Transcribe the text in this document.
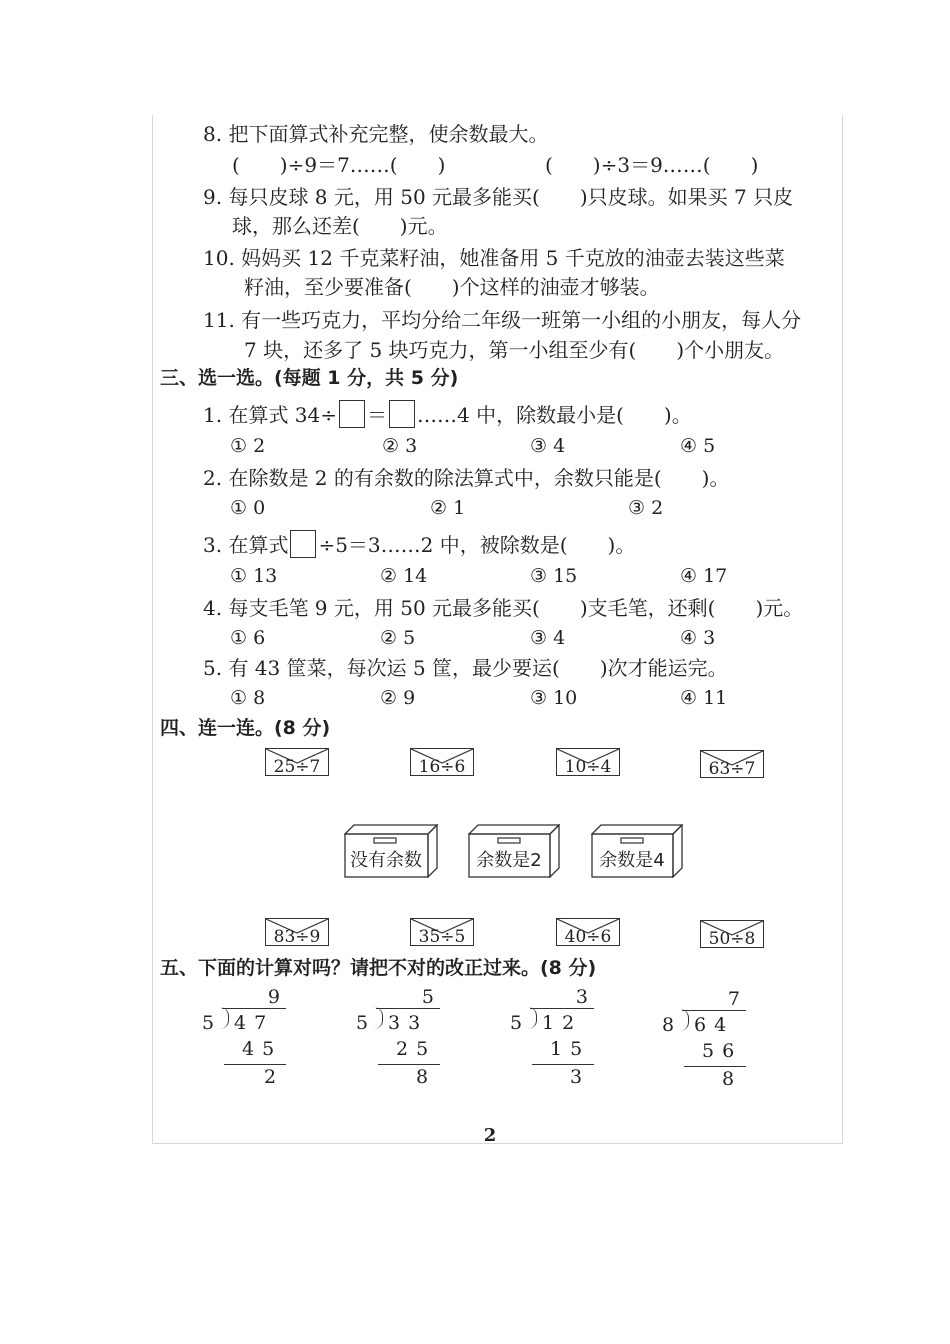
8. 把下面算式补充完整，使余数最大。
(　　)÷9＝7……(　　)	(　　)÷3＝9……(　　)
9. 每只皮球 8 元，用 50 元最多能买(　　)只皮球。如果买 7 只皮
球，那么还差(　　)元。
10. 妈妈买 12 千克菜籽油，她准备用 5 千克放的油壶去装这些菜
籽油，至少要准备(　　)个这样的油壶才够装。
11. 有一些巧克力，平均分给二年级一班第一小组的小朋友，每人分
7 块，还多了 5 块巧克力，第一小组至少有(　　)个小朋友。
三、选一选。(每题 1 分，共 5 分)
1. 在算式 34÷ ＝ ……4 中，除数最小是(　　)。
① 2	② 3	③ 4	④ 5
2. 在除数是 2 的有余数的除法算式中，余数只能是(　　)。
① 0	② 1	③ 2
3. 在算式 ÷5＝3……2 中，被除数是(　　)。
① 13	② 14	③ 15	④ 17
4. 每支毛笔 9 元，用 50 元最多能买(　　)支毛笔，还剩(　　)元。
① 6	② 5	③ 4	④ 3
5. 有 43 筐菜，每次运 5 筐，最少要运(　　)次才能运完。
① 8	② 9	③ 10	④ 11
四、连一连。(8 分)
25÷7	16÷6	10÷4	63÷7
没有余数	余数是2	余数是4
83÷9	35÷5	40÷6	50÷8
五、下面的计算对吗？请把不对的改正过来。(8 分)
9
5 47
45
2
5
5 33
25
8
3
5 12
15
3
7
8 64
56
8
2
